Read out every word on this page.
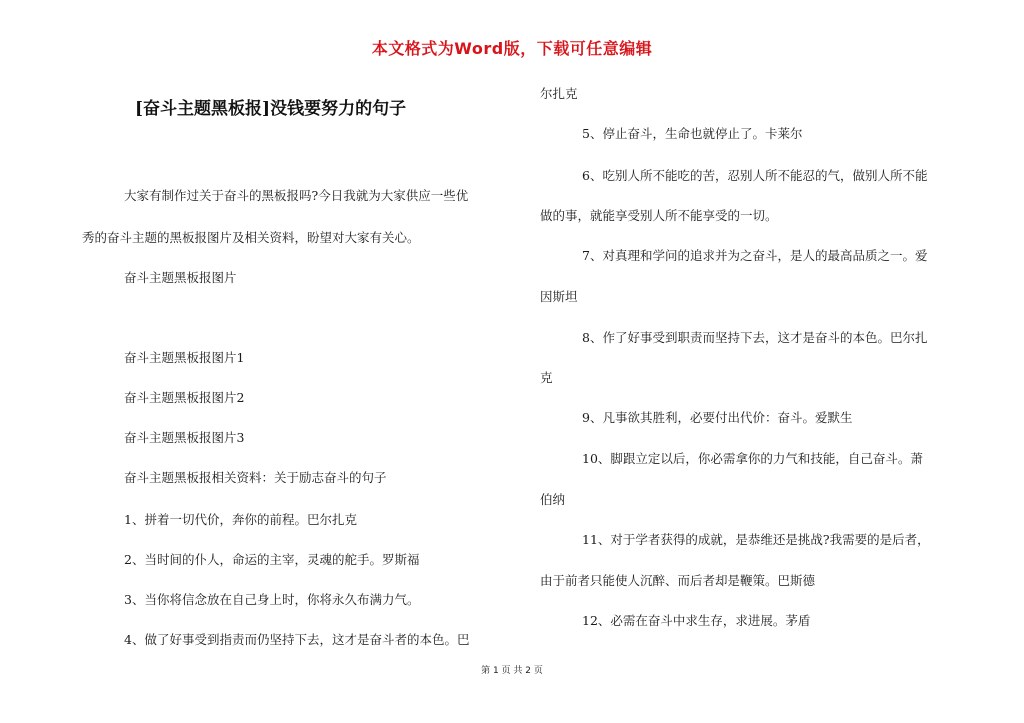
本文格式为Word版，下载可任意编辑
[奋斗主题黑板报]没钱要努力的句子
大家有制作过关于奋斗的黑板报吗?今日我就为大家供应一些优
秀的奋斗主题的黑板报图片及相关资料，盼望对大家有关心。
奋斗主题黑板报图片
奋斗主题黑板报图片1
奋斗主题黑板报图片2
奋斗主题黑板报图片3
奋斗主题黑板报相关资料：关于励志奋斗的句子
1、拼着一切代价，奔你的前程。巴尔扎克
2、当时间的仆人，命运的主宰，灵魂的舵手。罗斯福
3、当你将信念放在自己身上时，你将永久布满力气。
4、做了好事受到指责而仍坚持下去，这才是奋斗者的本色。巴
尔扎克
5、停止奋斗，生命也就停止了。卡莱尔
6、吃别人所不能吃的苦，忍别人所不能忍的气，做别人所不能
做的事，就能享受别人所不能享受的一切。
7、对真理和学问的追求并为之奋斗，是人的最高品质之一。爱
因斯坦
8、作了好事受到职责而坚持下去，这才是奋斗的本色。巴尔扎
克
9、凡事欲其胜利，必要付出代价：奋斗。爱默生
10、脚跟立定以后，你必需拿你的力气和技能，自己奋斗。萧
伯纳
11、对于学者获得的成就，是恭维还是挑战?我需要的是后者，
由于前者只能使人沉醉、而后者却是鞭策。巴斯德
12、必需在奋斗中求生存，求进展。茅盾
第 1 页 共 2 页
